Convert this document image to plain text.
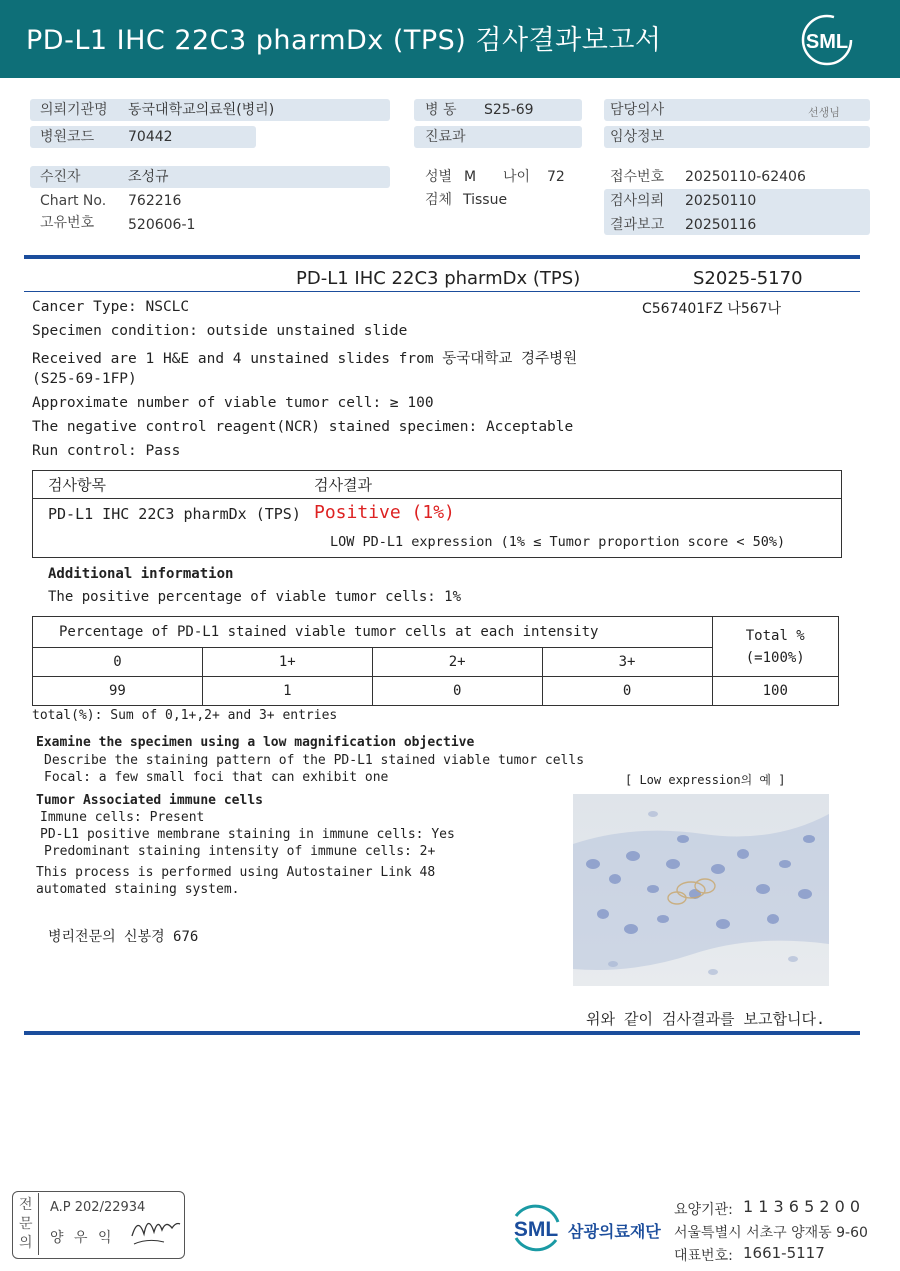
PD-L1 IHC 22C3 pharmDx (TPS) 검사결과보고서	SML
의뢰기관명 동국대학교의료원(병리)
병원코드 70442
병 동 S25-69
진료과
담당의사	선생님
임상정보
수진자	조성규
Chart No. 762216
고유번호 520606-1
성별 M 나이 72
검체 Tissue
접수번호 20250110-62406
검사의뢰 20250110
결과보고 20250116
PD-L1 IHC 22C3 pharmDx (TPS)	S2025-5170
C567401FZ 나567나
Cancer Type: NSCLC
Specimen condition: outside unstained slide
Received are 1 H&E and 4 unstained slides from 동국대학교 경주병원
(S25-69-1FP)
Approximate number of viable tumor cell: ≥ 100
The negative control reagent(NCR) stained specimen: Acceptable
Run control: Pass
검사항목	검사결과
PD-L1 IHC 22C3 pharmDx (TPS) Positive (1%)
LOW PD-L1 expression (1% ≤ Tumor proportion score < 50%)
Additional information
The positive percentage of viable tumor cells: 1%
Percentage of PD-L1 stained viable tumor cells at each intensity				Total %
(=100%)

0	1+	2+	3+	
99	1	0	0	100
total(%): Sum of 0,1+,2+ and 3+ entries
Examine the specimen using a low magnification objective
Describe the staining pattern of the PD-L1 stained viable tumor cells
Focal: a few small foci that can exhibit one	[ Low expression의 예 ]
Tumor Associated immune cells
Immune cells: Present
PD-L1 positive membrane staining in immune cells: Yes
Predominant staining intensity of immune cells: 2+
This process is performed using Autostainer Link 48
automated staining system.
병리전문의 신봉경 676
위와 같이 검사결과를 보고합니다.
전
문
의
A.P 202/22934
양 우 익	SML 삼광의료재단
요양기관: 1 1 3 6 5 2 0 0
서울특별시 서초구 양재동 9-60
대표번호: 1661-5117
